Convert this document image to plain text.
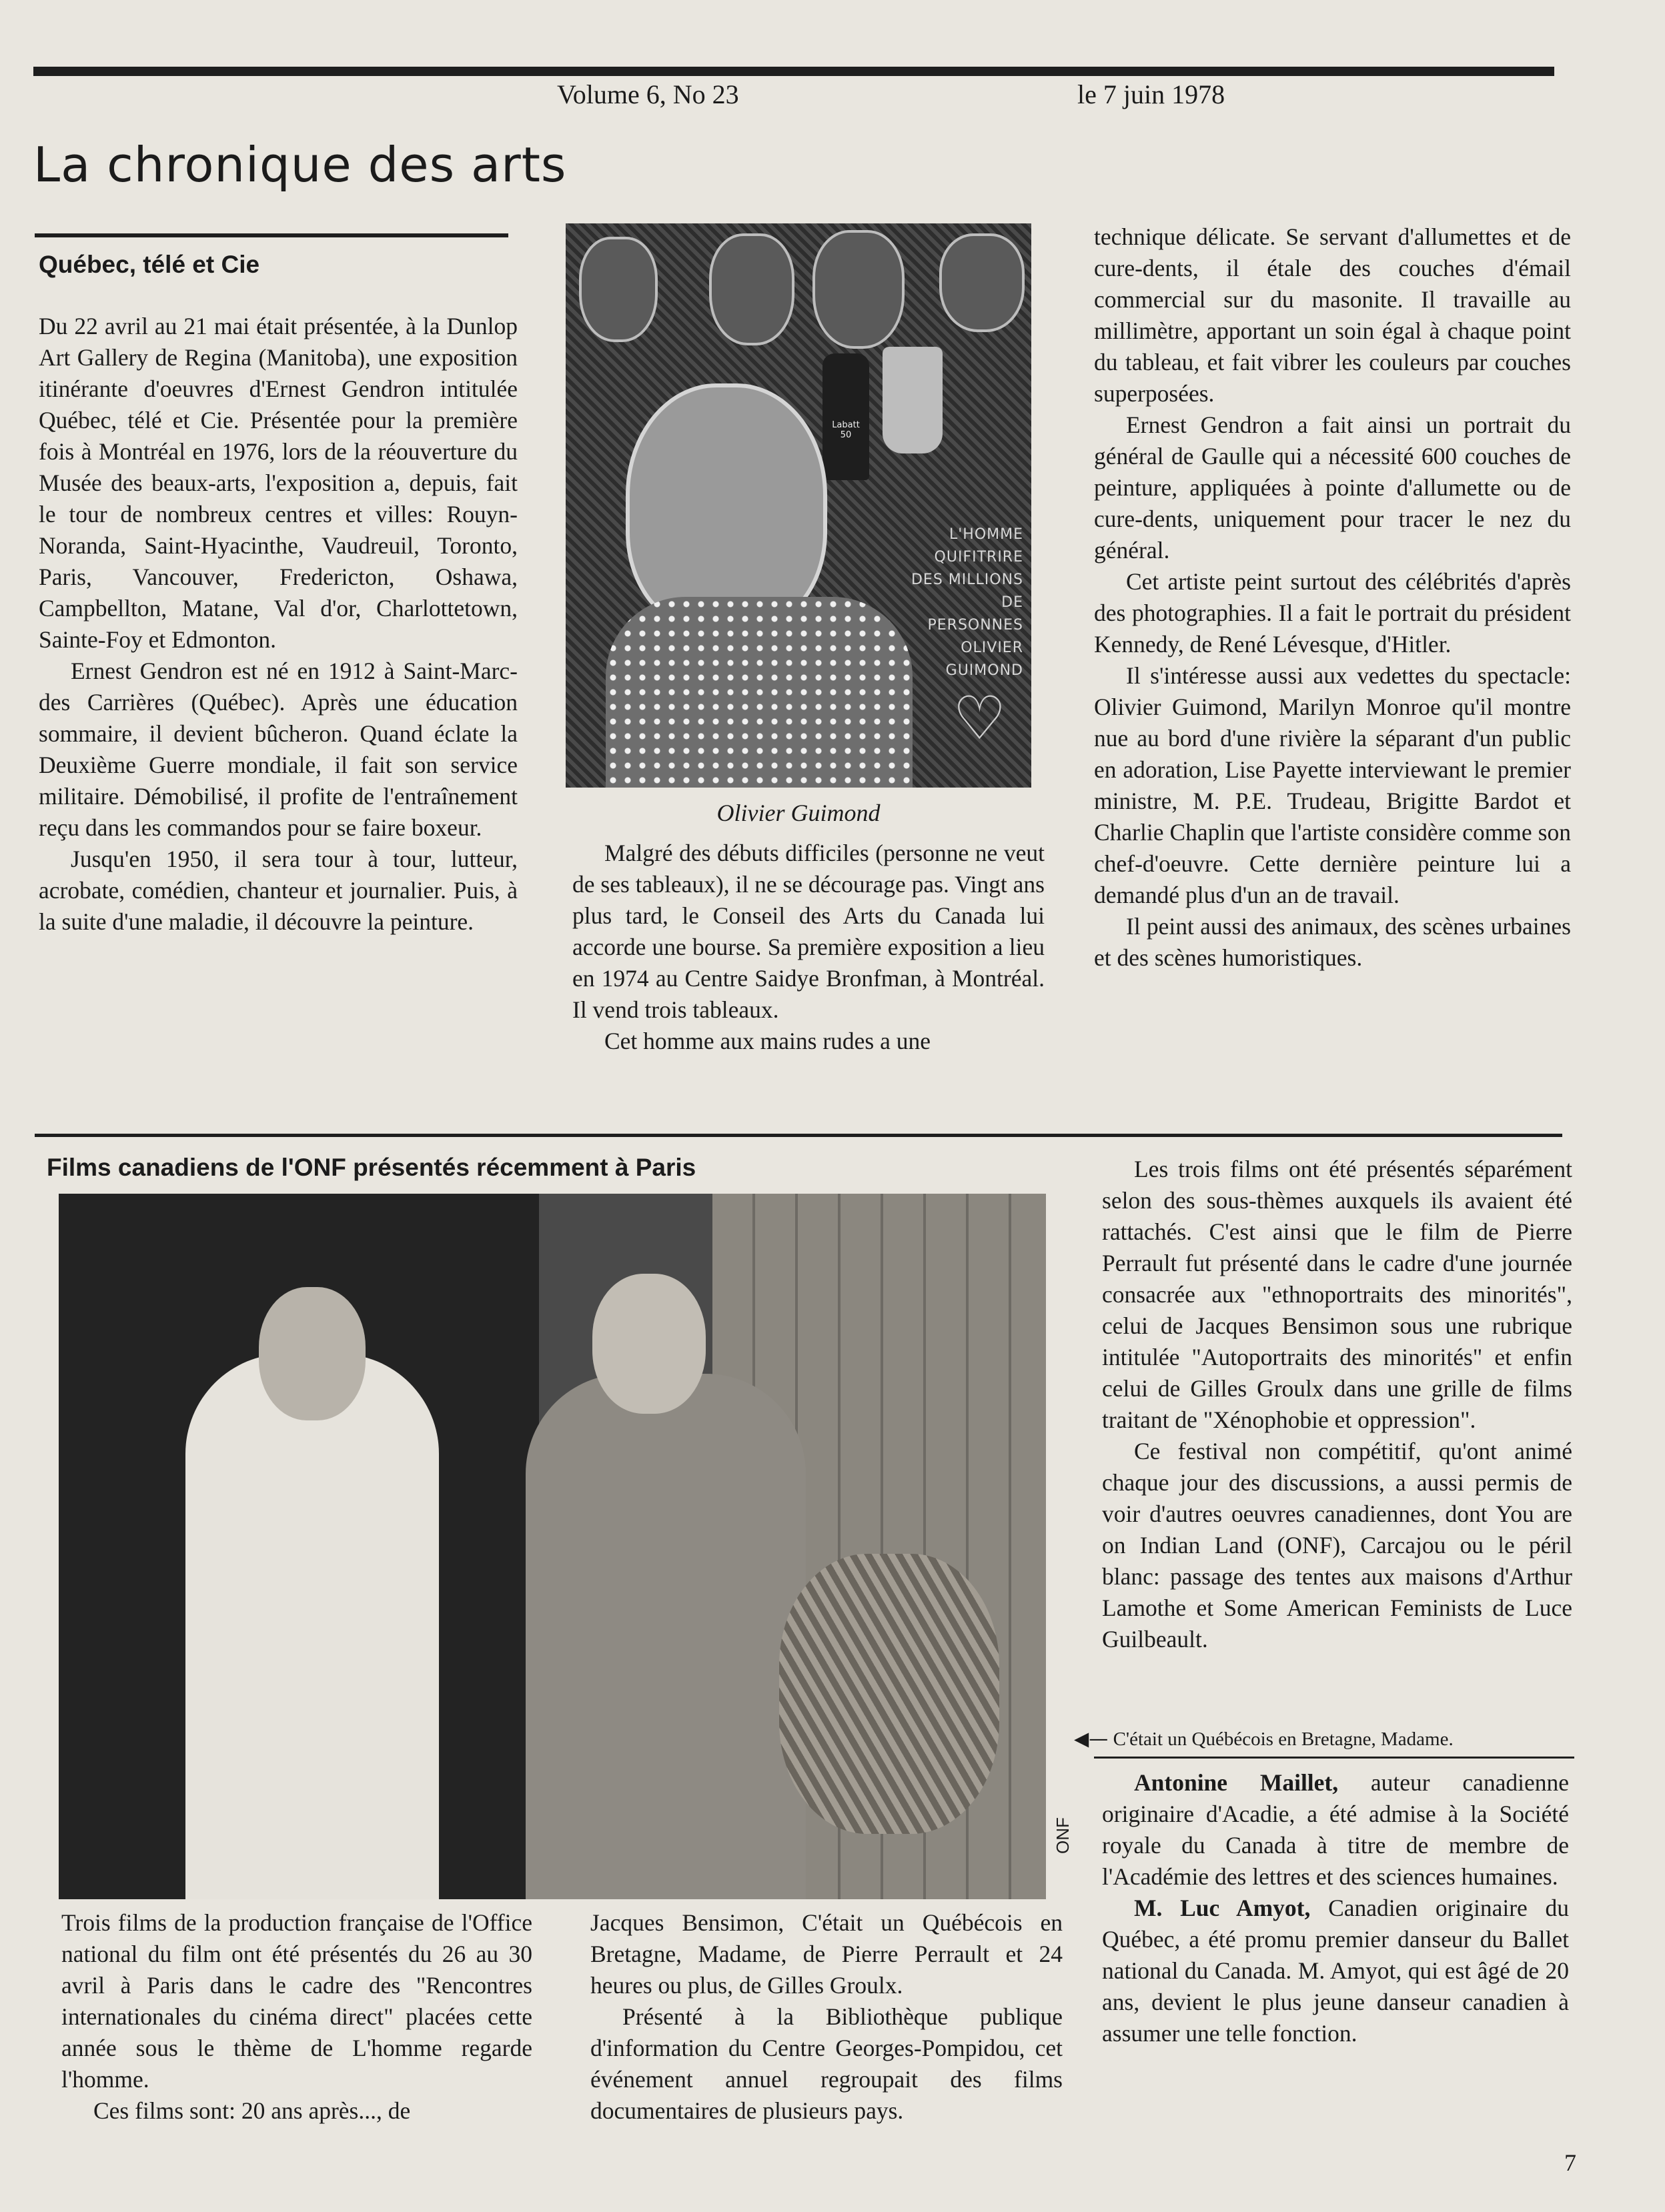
Volume 6, No 23	le 7 juin 1978
La chronique des arts
Québec, télé et Cie

Du 22 avril au 21 mai était présentée, à la Dunlop Art Gallery de Regina (Manitoba), une exposition itinérante d'oeuvres d'Ernest Gendron intitulée Québec, télé et Cie. Présentée pour la première fois à Montréal en 1976, lors de la réouverture du Musée des beaux-arts, l'exposition a, depuis, fait le tour de nombreux centres et villes: Rouyn-Noranda, Saint-Hyacinthe, Vaudreuil, Toronto, Paris, Vancouver, Fredericton, Oshawa, Campbellton, Matane, Val d'or, Charlottetown, Sainte-Foy et Edmonton.

Ernest Gendron est né en 1912 à Saint-Marc-des Carrières (Québec). Après une éducation sommaire, il devient bûcheron. Quand éclate la Deuxième Guerre mondiale, il fait son service militaire. Démobilisé, il profite de l'entraînement reçu dans les commandos pour se faire boxeur.

Jusqu'en 1950, il sera tour à tour, lutteur, acrobate, comédien, chanteur et journalier. Puis, à la suite d'une maladie, il découvre la peinture.

Labatt 50
L'HOMME
QUIFITRIRE
DES MILLIONS
DE PERSONNES
OLIVIER
GUIMOND
♡
Olivier Guimond

Malgré des débuts difficiles (personne ne veut de ses tableaux), il ne se décourage pas. Vingt ans plus tard, le Conseil des Arts du Canada lui accorde une bourse. Sa première exposition a lieu en 1974 au Centre Saidye Bronfman, à Montréal. Il vend trois tableaux.

Cet homme aux mains rudes a une

technique délicate. Se servant d'allumettes et de cure-dents, il étale des couches d'émail commercial sur du masonite. Il travaille au millimètre, apportant un soin égal à chaque point du tableau, et fait vibrer les couleurs par couches superposées.

Ernest Gendron a fait ainsi un portrait du général de Gaulle qui a nécessité 600 couches de peinture, appliquées à pointe d'allumette ou de cure-dents, uniquement pour tracer le nez du général.

Cet artiste peint surtout des célébrités d'après des photographies. Il a fait le portrait du président Kennedy, de René Lévesque, d'Hitler.

Il s'intéresse aussi aux vedettes du spectacle: Olivier Guimond, Marilyn Monroe qu'il montre nue au bord d'une rivière la séparant d'un public en adoration, Lise Payette interviewant le premier ministre, M. P.E. Trudeau, Brigitte Bardot et Charlie Chaplin que l'artiste considère comme son chef-d'oeuvre. Cette dernière peinture lui a demandé plus d'un an de travail.

Il peint aussi des animaux, des scènes urbaines et des scènes humoristiques.

Films canadiens de l'ONF présentés récemment à Paris
ONF

Trois films de la production française de l'Office national du film ont été présentés du 26 au 30 avril à Paris dans le cadre des "Rencontres internationales du cinéma direct" placées cette année sous le thème de L'homme regarde l'homme.

Ces films sont: 20 ans après..., de

Jacques Bensimon, C'était un Québécois en Bretagne, Madame, de Pierre Perrault et 24 heures ou plus, de Gilles Groulx.

Présenté à la Bibliothèque publique d'information du Centre Georges-Pompidou, cet événement annuel regroupait des films documentaires de plusieurs pays.

Les trois films ont été présentés séparément selon des sous-thèmes auxquels ils avaient été rattachés. C'est ainsi que le film de Pierre Perrault fut présenté dans le cadre d'une journée consacrée aux "ethnoportraits des minorités", celui de Jacques Bensimon sous une rubrique intitulée "Autoportraits des minorités" et enfin celui de Gilles Groulx dans une grille de films traitant de "Xénophobie et oppression".

Ce festival non compétitif, qu'ont animé chaque jour des discussions, a aussi permis de voir d'autres oeuvres canadiennes, dont You are on Indian Land (ONF), Carcajou ou le péril blanc: passage des tentes aux maisons d'Arthur Lamothe et Some American Feminists de Luce Guilbeault.

◀— C'était un Québécois en Bretagne, Madame.

Antonine Maillet, auteur canadienne originaire d'Acadie, a été admise à la Société royale du Canada à titre de membre de l'Académie des lettres et des sciences humaines.

M. Luc Amyot, Canadien originaire du Québec, a été promu premier danseur du Ballet national du Canada. M. Amyot, qui est âgé de 20 ans, devient le plus jeune danseur canadien à assumer une telle fonction.

7
